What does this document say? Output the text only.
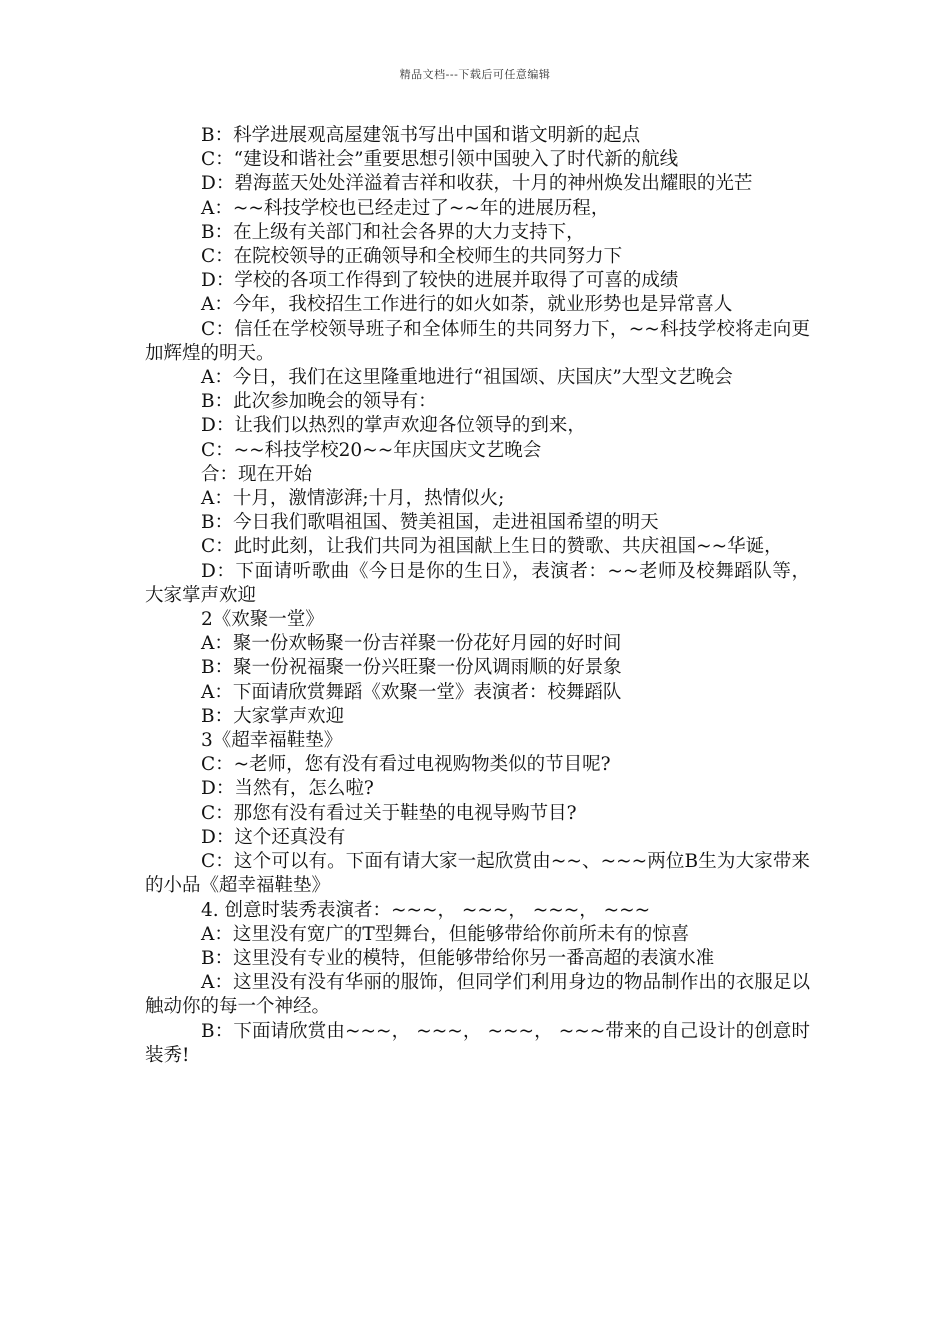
精品文档---下载后可任意编辑

B：科学进展观高屋建瓴书写出中国和谐文明新的起点

C：“建设和谐社会”重要思想引领中国驶入了时代新的航线

D：碧海蓝天处处洋溢着吉祥和收获，十月的神州焕发出耀眼的光芒

A：~~科技学校也已经走过了~~年的进展历程，

B：在上级有关部门和社会各界的大力支持下，

C：在院校领导的正确领导和全校师生的共同努力下

D：学校的各项工作得到了较快的进展并取得了可喜的成绩

A：今年，我校招生工作进行的如火如荼，就业形势也是异常喜人

C：信任在学校领导班子和全体师生的共同努力下，~~科技学校将走向更加辉煌的明天。

A：今日，我们在这里隆重地进行“祖国颂、庆国庆”大型文艺晚会

B：此次参加晚会的领导有：

D：让我们以热烈的掌声欢迎各位领导的到来，

C：~~科技学校20~~年庆国庆文艺晚会

合：现在开始

A：十月，激情澎湃;十月，热情似火;

B：今日我们歌唱祖国、赞美祖国，走进祖国希望的明天

C：此时此刻，让我们共同为祖国献上生日的赞歌、共庆祖国~~华诞，

D：下面请听歌曲《今日是你的生日》，表演者：~~老师及校舞蹈队等，大家掌声欢迎

2《欢聚一堂》

A：聚一份欢畅聚一份吉祥聚一份花好月园的好时间

B：聚一份祝福聚一份兴旺聚一份风调雨顺的好景象

A：下面请欣赏舞蹈《欢聚一堂》表演者：校舞蹈队

B：大家掌声欢迎

3《超幸福鞋垫》

C：~老师，您有没有看过电视购物类似的节目呢?

D：当然有，怎么啦?

C：那您有没有看过关于鞋垫的电视导购节目?

D：这个还真没有

C：这个可以有。下面有请大家一起欣赏由~~、~~~两位B生为大家带来的小品《超幸福鞋垫》

4. 创意时装秀表演者：~~~， ~~~， ~~~， ~~~

A：这里没有宽广的T型舞台，但能够带给你前所未有的惊喜

B：这里没有专业的模特，但能够带给你另一番高超的表演水准

A：这里没有没有华丽的服饰，但同学们利用身边的物品制作出的衣服足以触动你的每一个神经。

B：下面请欣赏由~~~， ~~~， ~~~， ~~~带来的自己设计的创意时装秀!
